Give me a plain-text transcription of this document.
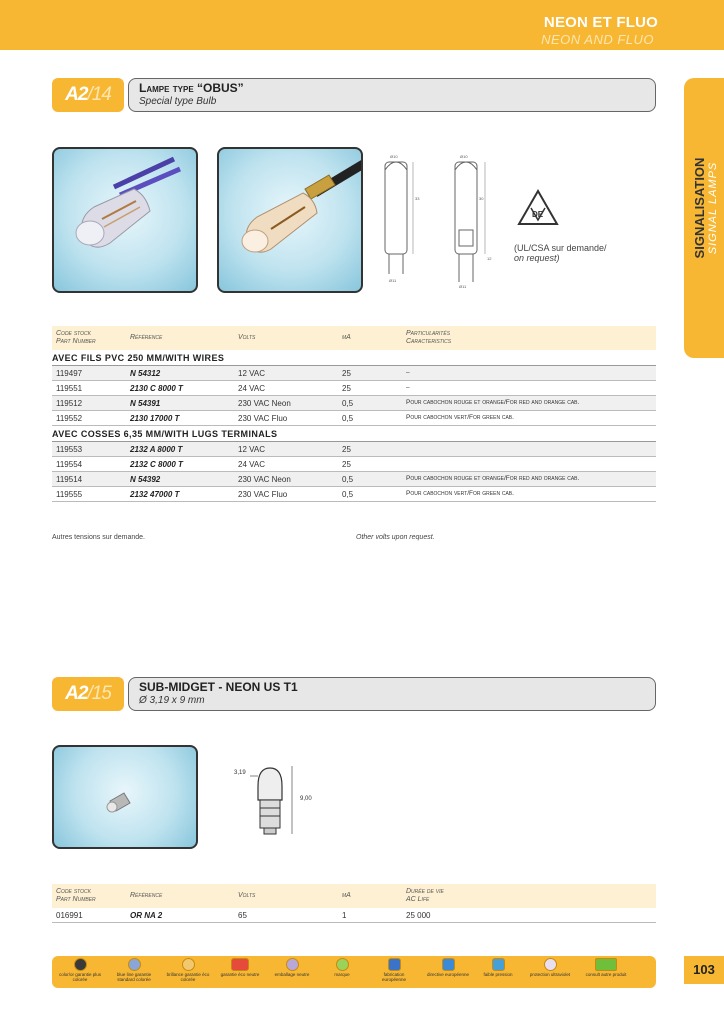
NEON ET FLUO
NEON AND FLUO
SIGNALISATION SIGNAL LAMPS
A2/14	Lampe type “OBUS”
Special type Bulb
Ø10
33
Ø11
Ø10
30
12
Ø11
DE
(UL/CSA sur demande/
on request)
Code stock
Part Number
Référence	Volts	mA
Particularités
Caracteristics
AVEC FILS PVC 250 MM/WITH WIRES
119497	N 54312	12 VAC	25	–
119551	2130 C 8000 T	24 VAC	25	–
119512	N 54391	230 VAC Neon	0,5	Pour cabochon rouge et orange/For red and orange cab.
119552	2130 17000 T	230 VAC Fluo	0,5	Pour cabochon vert/For green cab.
AVEC COSSES 6,35 MM/WITH LUGS TERMINALS
119553	2132 A 8000 T	12 VAC	25
119554	2132 C 8000 T	24 VAC	25
119514	N 54392	230 VAC Neon	0,5	Pour cabochon rouge et orange/For red and orange cab.
119555	2132 47000 T	230 VAC Fluo	0,5	Pour cabochon vert/For green cab.
Autres tensions sur demande.	Other volts upon request.
A2/15	SUB-MIDGET - NEON US T1
Ø 3,19 x 9 mm
3,19
9,00
Code stock
Part Number
Référence	Volts	mA
Durée de vie
AC Life
016991	OR NA 2	65	1	25 000
color/or garantie plus colorée
blue line garantie standard colorée
brillance garantie éco colorée
garantie éco neutre	emballage neutre	marque	fabrication européenne
directive européenne	faible pression	protection ultraviolet	consult autre produit	103
